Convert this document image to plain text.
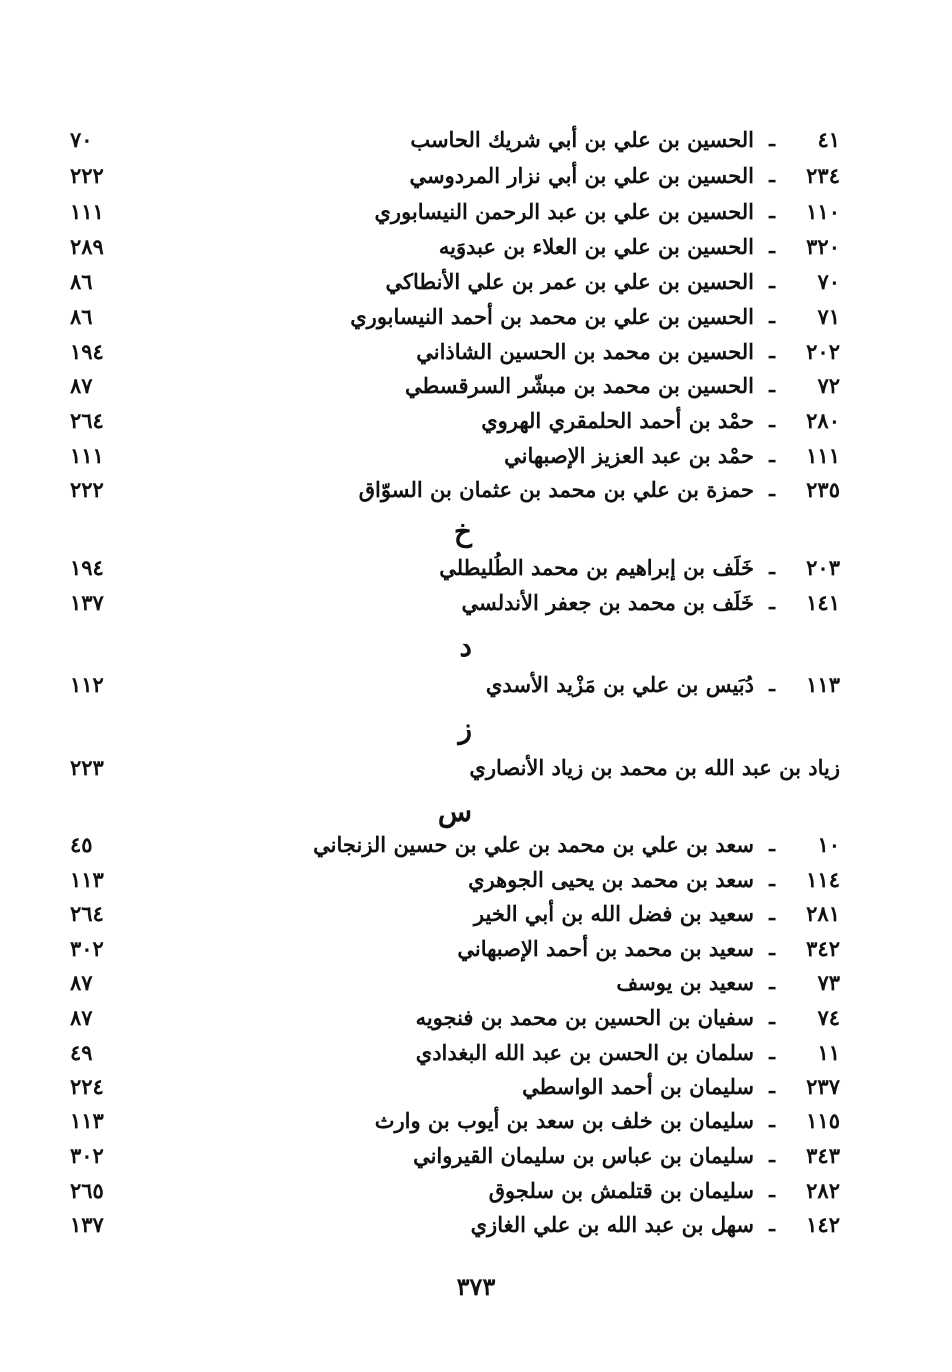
٤١
ـ
الحسين بن علي بن أبي شريك الحاسب
٧٠
٢٣٤
ـ
الحسين بن علي بن أبي نزار المردوسي
٢٢٢
١١٠
ـ
الحسين بن علي بن عبد الرحمن النيسابوري
١١١
٣٢٠
ـ
الحسين بن علي بن العلاء بن عبدوَيه
٢٨٩
٧٠
ـ
الحسين بن علي بن عمر بن علي الأنطاكي
٨٦
٧١
ـ
الحسين بن علي بن محمد بن أحمد النيسابوري
٨٦
٢٠٢
ـ
الحسين بن محمد بن الحسين الشاذاني
١٩٤
٧٢
ـ
الحسين بن محمد بن مبشّر السرقسطي
٨٧
٢٨٠
ـ
حمْد بن أحمد الحلمقري الهروي
٢٦٤
١١١
ـ
حمْد بن عبد العزيز الإصبهاني
١١١
٢٣٥
ـ
حمزة بن علي بن محمد بن عثمان بن السوّاق
٢٢٢
خ
٢٠٣
ـ
خَلَف بن إبراهيم بن محمد الطُليطلي
١٩٤
١٤١
ـ
خَلَف بن محمد بن جعفر الأندلسي
١٣٧
د
١١٣
ـ
دُبَيس بن علي بن مَزْيد الأسدي
١١٢
ز
زياد بن عبد الله بن محمد بن زياد الأنصاري
٢٢٣
س
١٠
ـ
سعد بن علي بن محمد بن علي بن حسين الزنجاني
٤٥
١١٤
ـ
سعد بن محمد بن يحيى الجوهري
١١٣
٢٨١
ـ
سعيد بن فضل الله بن أبي الخير
٢٦٤
٣٤٢
ـ
سعيد بن محمد بن أحمد الإصبهاني
٣٠٢
٧٣
ـ
سعيد بن يوسف
٨٧
٧٤
ـ
سفيان بن الحسين بن محمد بن فنجويه
٨٧
١١
ـ
سلمان بن الحسن بن عبد الله البغدادي
٤٩
٢٣٧
ـ
سليمان بن أحمد الواسطي
٢٢٤
١١٥
ـ
سليمان بن خلف بن سعد بن أيوب بن وارث
١١٣
٣٤٣
ـ
سليمان بن عباس بن سليمان القيرواني
٣٠٢
٢٨٢
ـ
سليمان بن قتلمش بن سلجوق
٢٦٥
١٤٢
ـ
سهل بن عبد الله بن علي الغازي
١٣٧
٣٧٣
